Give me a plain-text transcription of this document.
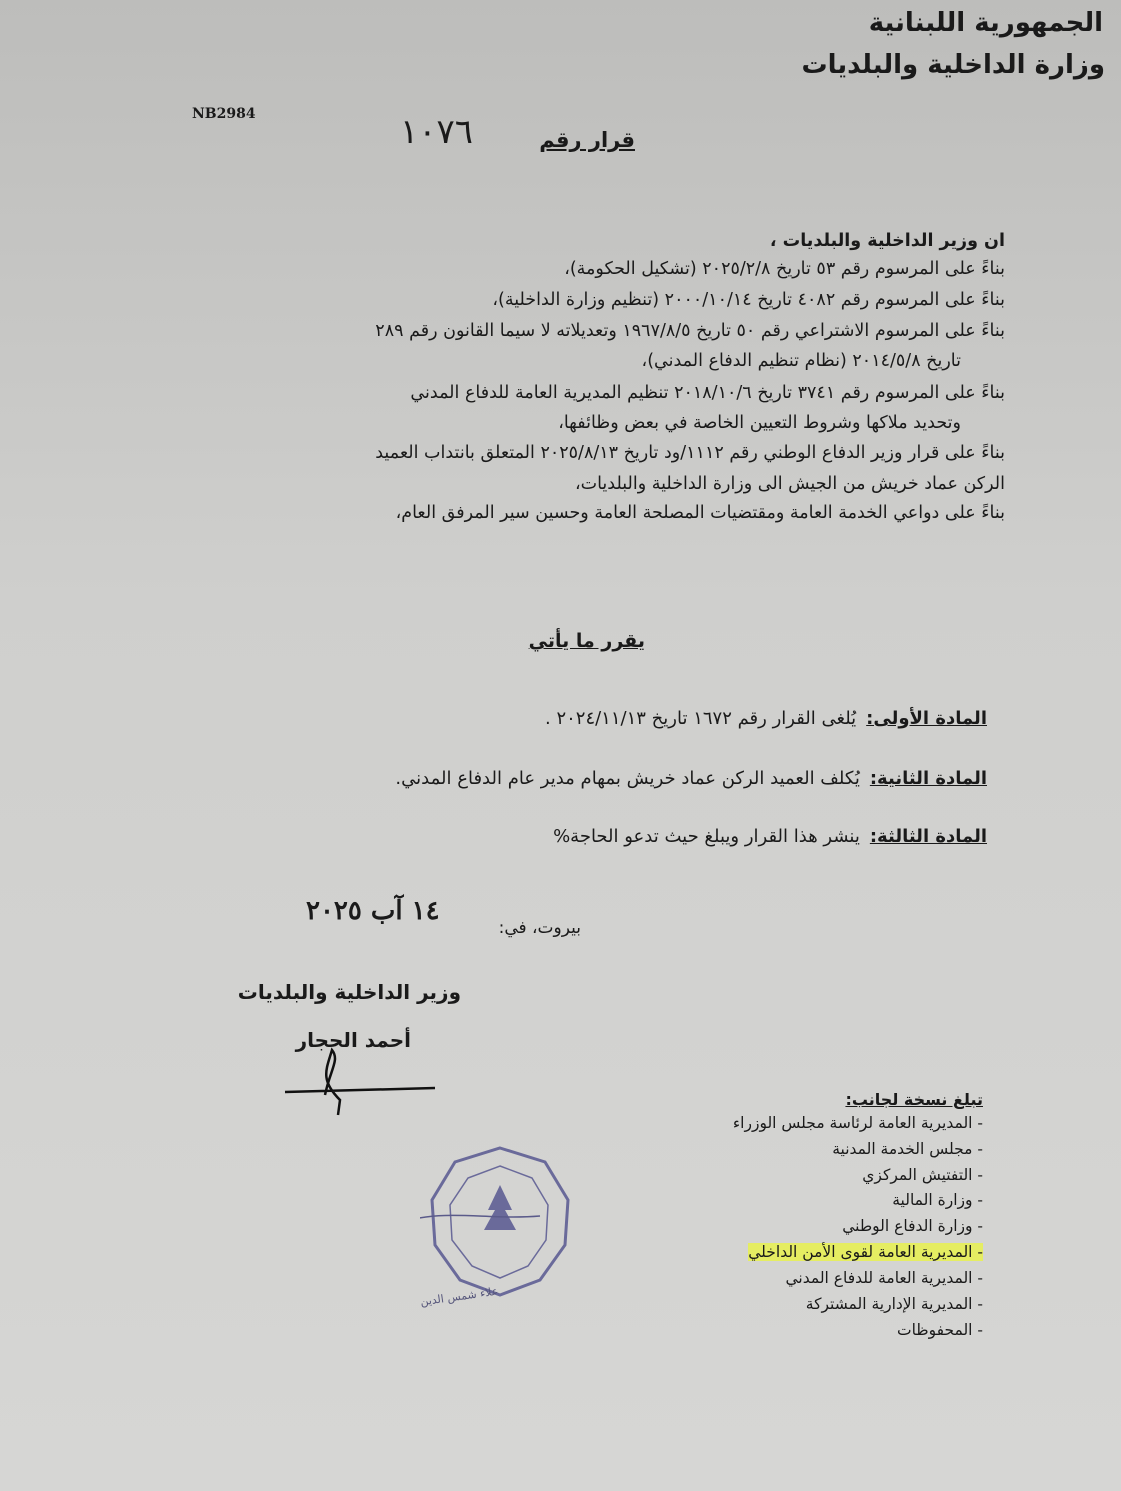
الجمهورية اللبنانية
وزارة الداخلية والبلديات
NB2984
قرار رقم
١٠٧٦
ان وزير الداخلية والبلديات ،
بناءً على المرسوم رقم ٥٣ تاريخ ٢٠٢٥/٢/٨ (تشكيل الحكومة)،
بناءً على المرسوم رقم ٤٠٨٢ تاريخ ٢٠٠٠/١٠/١٤ (تنظيم وزارة الداخلية)،
بناءً على المرسوم الاشتراعي رقم ٥٠ تاريخ ١٩٦٧/٨/٥ وتعديلاته لا سيما القانون رقم ٢٨٩
تاريخ ٢٠١٤/٥/٨ (نظام تنظيم الدفاع المدني)،
بناءً على المرسوم رقم ٣٧٤١ تاريخ ٢٠١٨/١٠/٦ تنظيم المديرية العامة للدفاع المدني
وتحديد ملاكها وشروط التعيين الخاصة في بعض وظائفها،
بناءً على قرار وزير الدفاع الوطني رقم ١١١٢/ود تاريخ ٢٠٢٥/٨/١٣ المتعلق بانتداب العميد
الركن عماد خريش من الجيش الى وزارة الداخلية والبلديات،
بناءً على دواعي الخدمة العامة ومقتضيات المصلحة العامة وحسين سير المرفق العام،
يقرر ما يأتي
المادة الأولى:يُلغى القرار رقم ١٦٧٢ تاريخ ٢٠٢٤/١١/١٣ .
المادة الثانية:يُكلف العميد الركن عماد خريش بمهام مدير عام الدفاع المدني.
المادة الثالثة:ينشر هذا القرار ويبلغ حيث تدعو الحاجة%
١٤ آب ٢٠٢٥
بيروت، في:
وزير الداخلية والبلديات
أحمد الحجار
علاء شمس الدين
تبلغ نسخة لجانب:
- المديرية العامة لرئاسة مجلس الوزراء
- مجلس الخدمة المدنية
- التفتيش المركزي
- وزارة المالية
- وزارة الدفاع الوطني
- المديرية العامة لقوى الأمن الداخلي
- المديرية العامة للدفاع المدني
- المديرية الإدارية المشتركة
- المحفوظات
